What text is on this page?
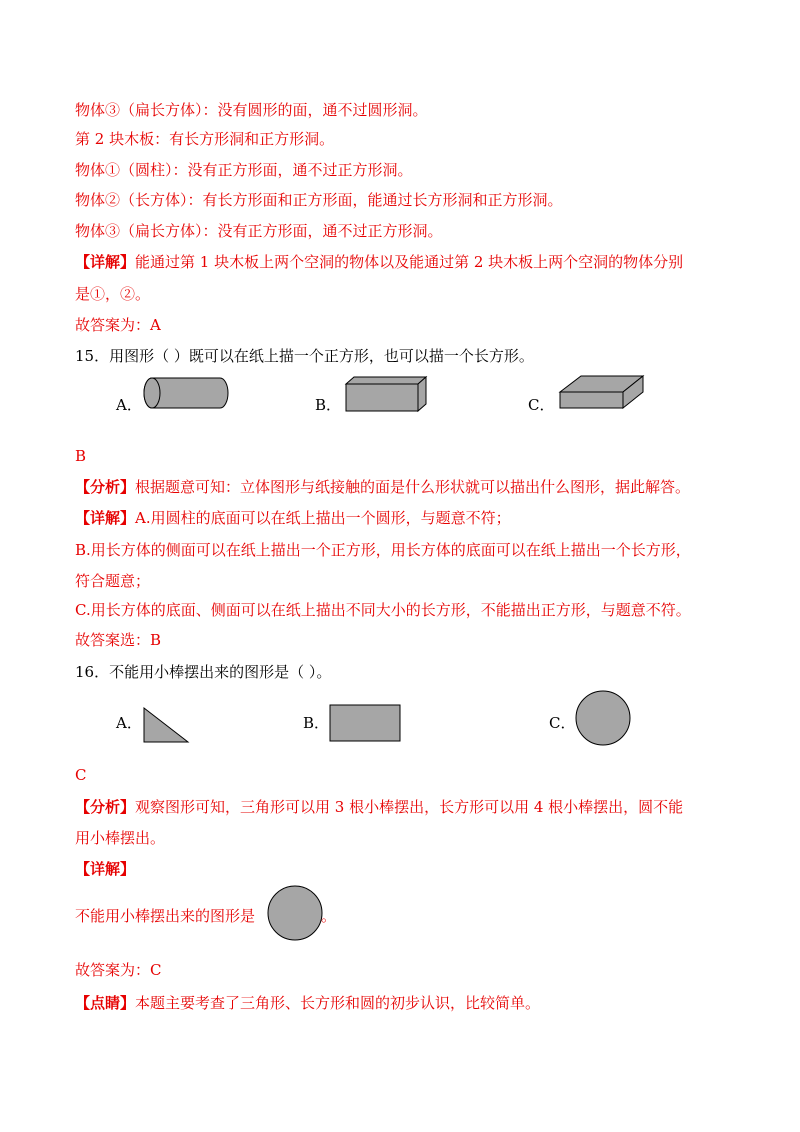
物体③（扁长方体）：没有圆形的面，通不过圆形洞。
第 2 块木板：有长方形洞和正方形洞。
物体①（圆柱）：没有正方形面，通不过正方形洞。
物体②（长方体）：有长方形面和正方形面，能通过长方形洞和正方形洞。
物体③（扁长方体）：没有正方形面，通不过正方形洞。
【详解】能通过第 1 块木板上两个空洞的物体以及能通过第 2 块木板上两个空洞的物体分别
是①，②。
故答案为：A
15．用图形（ ）既可以在纸上描一个正方形，也可以描一个长方形。
A．	B．	C．
B
【分析】根据题意可知：立体图形与纸接触的面是什么形状就可以描出什么图形，据此解答。
【详解】A.用圆柱的底面可以在纸上描出一个圆形，与题意不符；
B.用长方体的侧面可以在纸上描出一个正方形，用长方体的底面可以在纸上描出一个长方形，
符合题意；
C.用长方体的底面、侧面可以在纸上描出不同大小的长方形，不能描出正方形，与题意不符。
故答案选：B
16．不能用小棒摆出来的图形是（ ）。
A．	B．	C．
C
【分析】观察图形可知，三角形可以用 3 根小棒摆出，长方形可以用 4 根小棒摆出，圆不能
用小棒摆出。
【详解】
不能用小棒摆出来的图形是	。
故答案为：C
【点睛】本题主要考查了三角形、长方形和圆的初步认识，比较简单。
